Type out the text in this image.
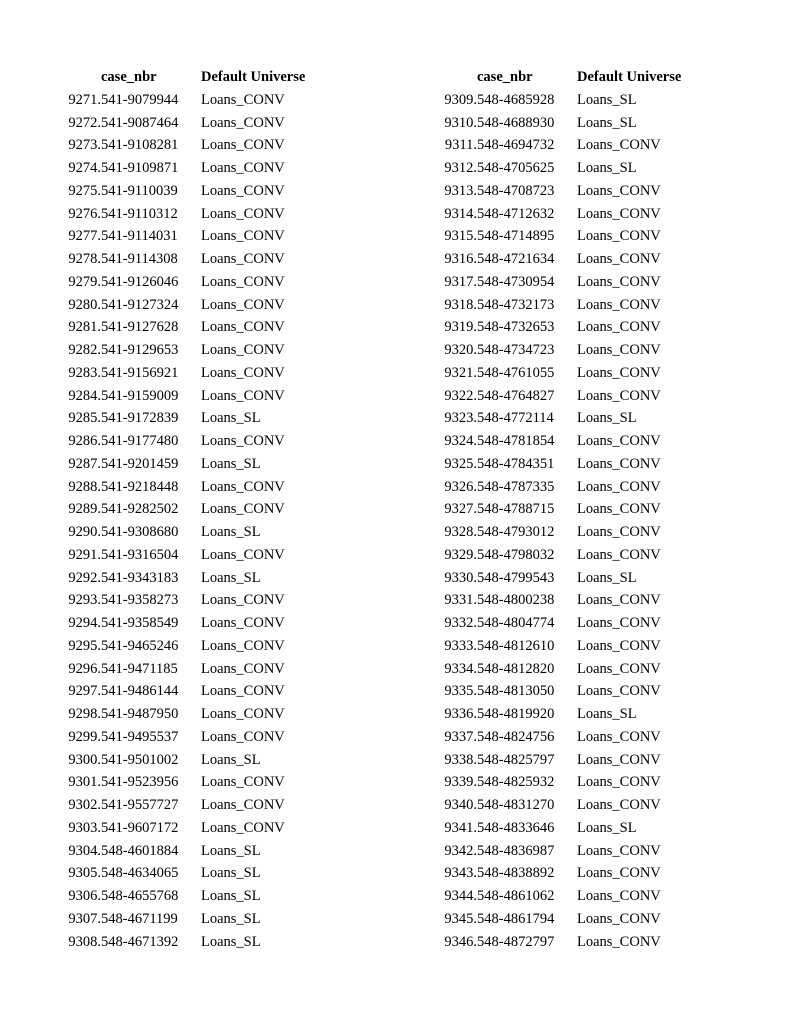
	case_nbr	Default Universe
9271.	541-9079944	Loans_CONV
9272.	541-9087464	Loans_CONV
9273.	541-9108281	Loans_CONV
9274.	541-9109871	Loans_CONV
9275.	541-9110039	Loans_CONV
9276.	541-9110312	Loans_CONV
9277.	541-9114031	Loans_CONV
9278.	541-9114308	Loans_CONV
9279.	541-9126046	Loans_CONV
9280.	541-9127324	Loans_CONV
9281.	541-9127628	Loans_CONV
9282.	541-9129653	Loans_CONV
9283.	541-9156921	Loans_CONV
9284.	541-9159009	Loans_CONV
9285.	541-9172839	Loans_SL
9286.	541-9177480	Loans_CONV
9287.	541-9201459	Loans_SL
9288.	541-9218448	Loans_CONV
9289.	541-9282502	Loans_CONV
9290.	541-9308680	Loans_SL
9291.	541-9316504	Loans_CONV
9292.	541-9343183	Loans_SL
9293.	541-9358273	Loans_CONV
9294.	541-9358549	Loans_CONV
9295.	541-9465246	Loans_CONV
9296.	541-9471185	Loans_CONV
9297.	541-9486144	Loans_CONV
9298.	541-9487950	Loans_CONV
9299.	541-9495537	Loans_CONV
9300.	541-9501002	Loans_SL
9301.	541-9523956	Loans_CONV
9302.	541-9557727	Loans_CONV
9303.	541-9607172	Loans_CONV
9304.	548-4601884	Loans_SL
9305.	548-4634065	Loans_SL
9306.	548-4655768	Loans_SL
9307.	548-4671199	Loans_SL
9308.	548-4671392	Loans_SL
	case_nbr	Default Universe
9309.	548-4685928	Loans_SL
9310.	548-4688930	Loans_SL
9311.	548-4694732	Loans_CONV
9312.	548-4705625	Loans_SL
9313.	548-4708723	Loans_CONV
9314.	548-4712632	Loans_CONV
9315.	548-4714895	Loans_CONV
9316.	548-4721634	Loans_CONV
9317.	548-4730954	Loans_CONV
9318.	548-4732173	Loans_CONV
9319.	548-4732653	Loans_CONV
9320.	548-4734723	Loans_CONV
9321.	548-4761055	Loans_CONV
9322.	548-4764827	Loans_CONV
9323.	548-4772114	Loans_SL
9324.	548-4781854	Loans_CONV
9325.	548-4784351	Loans_CONV
9326.	548-4787335	Loans_CONV
9327.	548-4788715	Loans_CONV
9328.	548-4793012	Loans_CONV
9329.	548-4798032	Loans_CONV
9330.	548-4799543	Loans_SL
9331.	548-4800238	Loans_CONV
9332.	548-4804774	Loans_CONV
9333.	548-4812610	Loans_CONV
9334.	548-4812820	Loans_CONV
9335.	548-4813050	Loans_CONV
9336.	548-4819920	Loans_SL
9337.	548-4824756	Loans_CONV
9338.	548-4825797	Loans_CONV
9339.	548-4825932	Loans_CONV
9340.	548-4831270	Loans_CONV
9341.	548-4833646	Loans_SL
9342.	548-4836987	Loans_CONV
9343.	548-4838892	Loans_CONV
9344.	548-4861062	Loans_CONV
9345.	548-4861794	Loans_CONV
9346.	548-4872797	Loans_CONV
